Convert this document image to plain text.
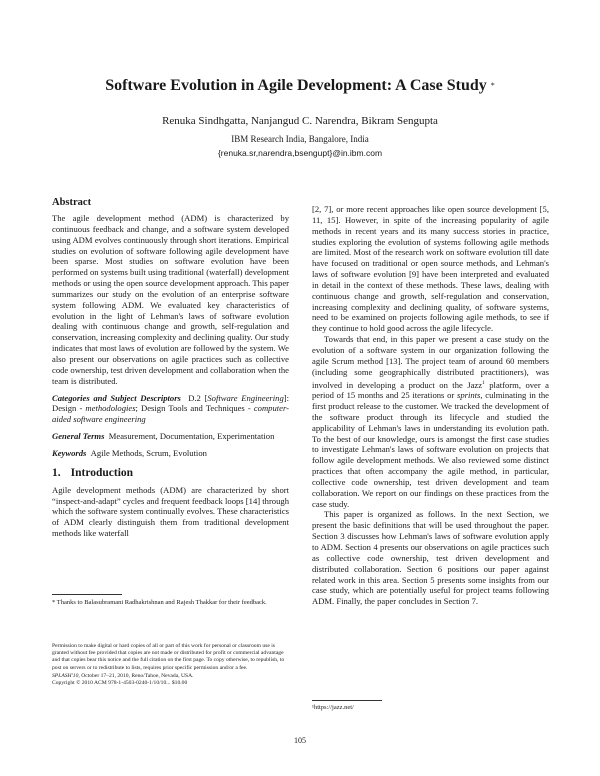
Software Evolution in Agile Development: A Case Study *
Renuka Sindhgatta, Nanjangud C. Narendra, Bikram Sengupta
IBM Research India, Bangalore, India
{renuka.sr,narendra,bsengupt}@in.ibm.com
Abstract

The agile development method (ADM) is characterized by continuous feedback and change, and a software system developed using ADM evolves continuously through short iterations. Empirical studies on evolution of software following agile development have been sparse. Most studies on software evolution have been performed on systems built using traditional (waterfall) development methods or using the open source development approach. This paper summarizes our study on the evolution of an enterprise software system following ADM. We evaluated key characteristics of evolution in the light of Lehman's laws of software evolution dealing with continuous change and growth, self-regulation and conservation, increasing complexity and declining quality. Our study indicates that most laws of evolution are followed by the system. We also present our observations on agile practices such as collective code ownership, test driven development and collaboration when the team is distributed.

Categories and Subject Descriptors D.2 [Software Engineering]: Design - methodologies; Design Tools and Techniques - computer-aided software engineering

General Terms Measurement, Documentation, Experimentation

Keywords Agile Methods, Scrum, Evolution

1. Introduction

Agile development methods (ADM) are characterized by short “inspect-and-adapt” cycles and frequent feedback loops [14] through which the software system continually evolves. These characteristics of ADM clearly distinguish them from traditional development methods like waterfall

* Thanks to Balasubramani Radhakrishnan and Rajesh Thakkar for their feedback.

Permission to make digital or hard copies of all or part of this work for personal or classroom use is granted without fee provided that copies are not made or distributed for profit or commercial advantage and that copies bear this notice and the full citation on the first page. To copy otherwise, to republish, to post on servers or to redistribute to lists, requires prior specific permission and/or a fee.

SPLASH'10, October 17–21, 2010, Reno/Tahoe, Nevada, USA.

Copyright © 2010 ACM 978-1-4503-0240-1/10/10... $10.00

[2, 7], or more recent approaches like open source development [5, 11, 15]. However, in spite of the increasing popularity of agile methods in recent years and its many success stories in practice, studies exploring the evolution of systems following agile methods are limited. Most of the research work on software evolution till date have focused on traditional or open source methods, and Lehman's laws of software evolution [9] have been interpreted and evaluated in detail in the context of these methods. These laws, dealing with continuous change and growth, self-regulation and conservation, increasing complexity and declining quality, of software systems, need to be examined on projects following agile methods, to see if they continue to hold good across the agile lifecycle.

Towards that end, in this paper we present a case study on the evolution of a software system in our organization following the agile Scrum method [13]. The project team of around 60 members (including some geographically distributed practitioners), was involved in developing a product on the Jazz$^1$ platform, over a period of 15 months and 25 iterations or sprints, culminating in the first product release to the customer. We tracked the development of the software product through its lifecycle and studied the applicability of Lehman's laws in understanding its evolution path. To the best of our knowledge, ours is amongst the first case studies to investigate Lehman's laws of software evolution on projects that follow agile development methods. We also reviewed some distinct practices that often accompany the agile method, in particular, collective code ownership, test driven development and team collaboration. We report on our findings on these practices from the case study.

This paper is organized as follows. In the next Section, we present the basic definitions that will be used throughout the paper. Section 3 discusses how Lehman's laws of software evolution apply to ADM. Section 4 presents our observations on agile practices such as collective code ownership, test driven development and distributed collaboration. Section 6 positions our paper against related work in this area. Section 5 presents some insights from our case study, which are potentially useful for project teams following ADM. Finally, the paper concludes in Section 7.

¹https://jazz.net/
105
